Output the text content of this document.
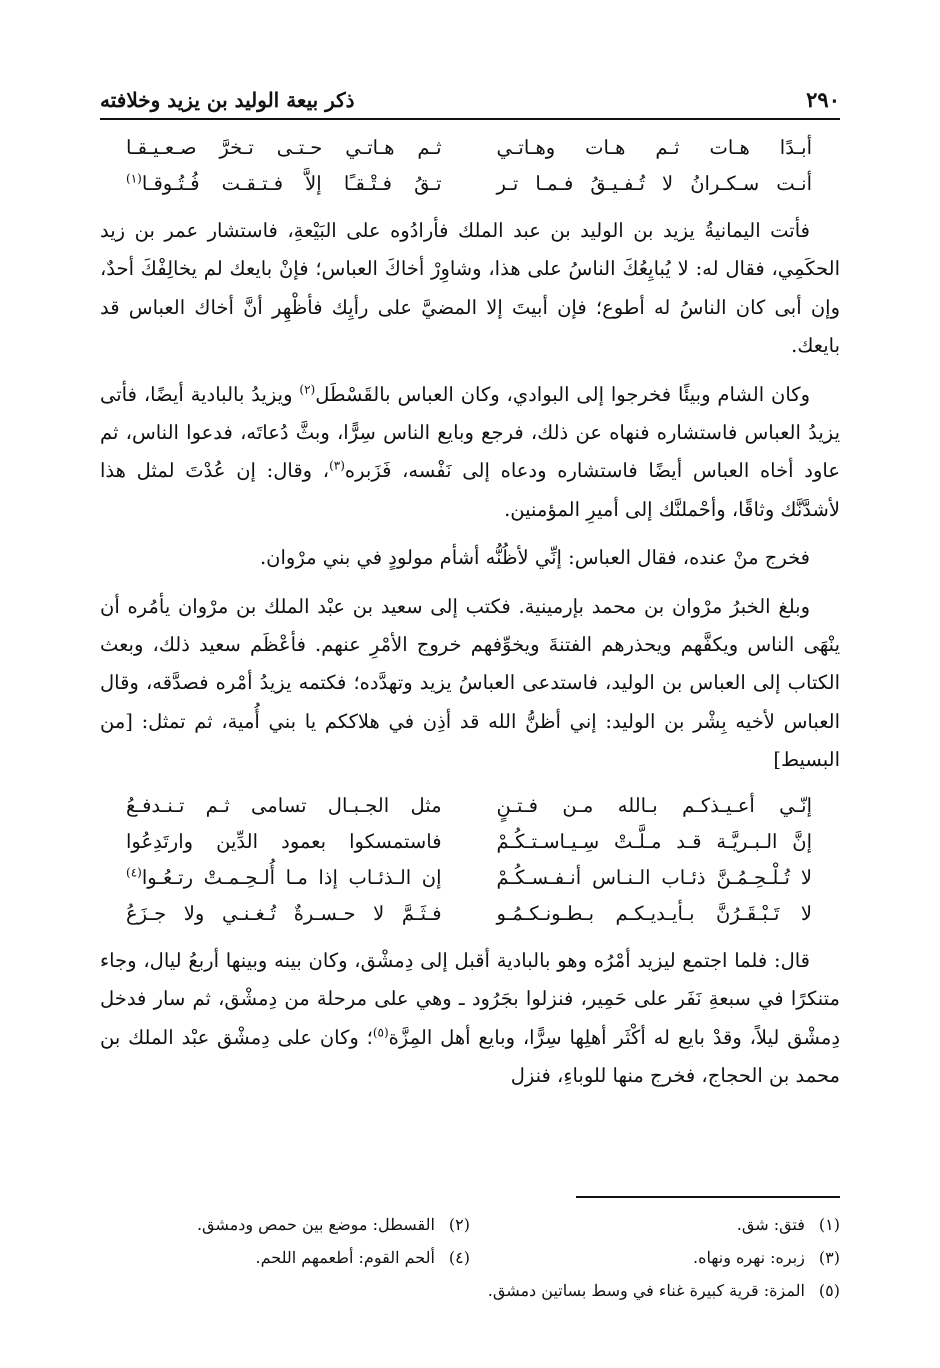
٢٩٠
ذكر بيعة الوليد بن يزيد وخلافته
أبـدًا هـات ثـم هـات وهـاتـي
ثـم هـاتـي حـتـى تـخرَّ صـعـيـقـا
أنـت سـكـرانُ لا تُـفـيـقُ فـمـا تـر
تـقُ فـتْـقـًا إلاَّ فـتـقـت فُـتُـوقـا$^{(١)}$

فأتت اليمانيةُ يزيد بن الوليد بن عبد الملك فأرادُوه على البَيْعةِ، فاستشار عمر بن زيد الحكَمِي، فقال له: لا يُبايِعُكَ الناسُ على هذا، وشاوِرْ أخاكَ العباس؛ فإنْ بايعك لم يخالِفْكَ أحدٌ، وإن أبى كان الناسُ له أطوع؛ فإن أبيتَ إلا المضيَّ على رأيِك فأظْهِر أنَّ أخاك العباس قد بايعك.

وكان الشام وبيئًا فخرجوا إلى البوادي، وكان العباس بالقَسْطَل$^{(٢)}$ ويزيدُ بالبادية أيضًا، فأتى يزيدُ العباس فاستشاره فنهاه عن ذلك، فرجع وبايع الناس سِرًّا، وبثَّ دُعاتَه، فدعوا الناس، ثم عاود أخاه العباس أيضًا فاستشاره ودعاه إلى نَفْسه، فَزَبره$^{(٣)}$، وقال: إن عُدْتَ لمثل هذا لأشدَّنَّك وثاقًا، وأحْملنَّك إلى أميرِ المؤمنين.

فخرج منْ عنده، فقال العباس: إنِّي لأظُنُّه أشأم مولودٍ في بني مرْوان.

وبلغ الخبرُ مرْوان بن محمد بإرمينية. فكتب إلى سعيد بن عبْد الملك بن مرْوان يأمُره أن ينْهَى الناس ويكفَّهم ويحذرهم الفتنةَ ويخوِّفهم خروج الأمْرِ عنهم. فأعْظَم سعيد ذلك، وبعث الكتاب إلى العباس بن الوليد، فاستدعى العباسُ يزيد وتهدَّده؛ فكتمه يزيدُ أمْره فصدَّقه، وقال العباس لأخيه بِشْر بن الوليد: إني أظنُّ الله قد أذِن في هلاككم يا بني أُمية، ثم تمثل: [من البسيط]

إنّـي أعـيـذكـم بـالله مـن فـتـنٍ
مثل الجـبـال تسامى ثـم تـنـدفـعُ
إنَّ الـبـريَّـة قـد مـلَّـتْ سِـيـاسـتـكُـمْ
فاستمسكوا بعمود الدِّين وارتَدِعُوا
لا تُـلْـحِـمُـنَّ ذئـاب الـنـاس أنـفـسـكُـمْ
إن الـذئـاب إذا مـا أُلـحِـمـتْ رتـعُـوا$^{(٤)}$
لا تَـبْـقَـرُنَّ بـأيـديـكـم بـطـونـكـمُـو
فـثَـمَّ لا حـسـرةٌ تُـغـنـي ولا جـزَعُ

قال: فلما اجتمع ليزيد أمْرُه وهو بالبادية أقبل إلى دِمشْق، وكان بينه وبينها أربعُ ليال، وجاء متنكرًا في سبعةِ نَفَر على حَمِير، فنزلوا بجَرُود ـ وهي على مرحلة من دِمشْق، ثم سار فدخل دِمشْق ليلاً، وقدْ بايع له أكْثَر أهلِها سِرًّا، وبايع أهل المِزَّة$^{(٥)}$؛ وكان على دِمشْق عبْد الملك بن محمد بن الحجاج، فخرج منها للوباءِ، فنزل

(١)فتق: شق.
(٢)القسطل: موضع بين حمص ودمشق.
(٣)زبره: نهره ونهاه.
(٤)ألحم القوم: أطعمهم اللحم.
(٥)المزة: قرية كبيرة غناء في وسط بساتين دمشق.
